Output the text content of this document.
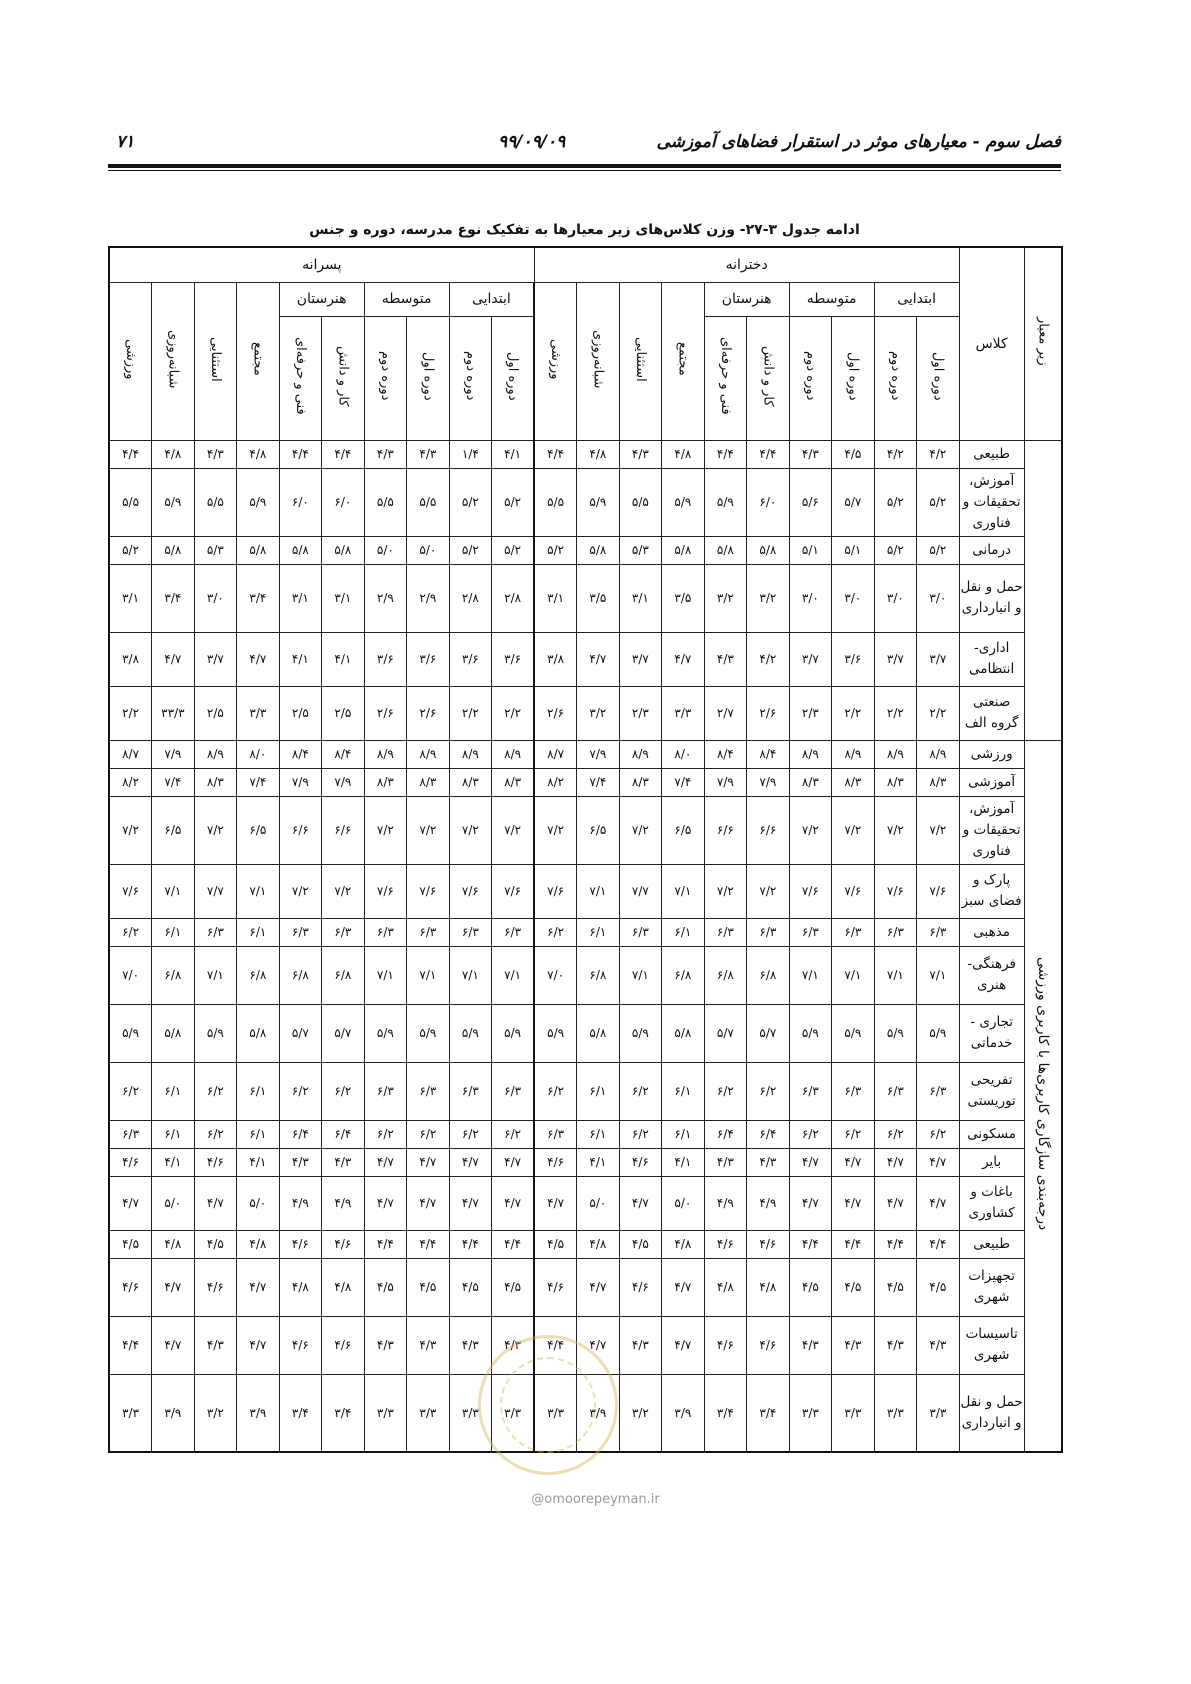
فصل سوم - معیارهای موثر در استقرار فضاهای آموزشی
۹۹/۰۹/۰۹
۷۱
ادامه جدول ۳-۲۷- وزن کلاس‌های زیر معیارها به تفکیک نوع مدرسه، دوره و جنس
زیر معیار	کلاس	دخترانه										پسرانه									
		ابتدایی		متوسطه		هنرستان		مجتمع	استثنایی	شبانه‌روزی	ورزشی	ابتدایی		متوسطه		هنرستان		مجتمع	استثنایی	شبانه‌روزی	ورزشی
		دوره اول	دوره دوم	دوره اول	دوره دوم	کار و دانش	فنی و حرفه‌ای					دوره اول	دوره دوم	دوره اول	دوره دوم	کار و دانش	فنی و حرفه‌ای				
	طبیعی	۴/۲	۴/۲	۴/۵	۴/۳	۴/۴	۴/۴	۴/۸	۴/۳	۴/۸	۴/۴	۴/۱	۱/۴	۴/۳	۴/۳	۴/۴	۴/۴	۴/۸	۴/۳	۴/۸	۴/۴
	آموزش، تحقیقات و فناوری	۵/۲	۵/۲	۵/۷	۵/۶	۶/۰	۵/۹	۵/۹	۵/۵	۵/۹	۵/۵	۵/۲	۵/۲	۵/۵	۵/۵	۶/۰	۶/۰	۵/۹	۵/۵	۵/۹	۵/۵
	درمانی	۵/۲	۵/۲	۵/۱	۵/۱	۵/۸	۵/۸	۵/۸	۵/۳	۵/۸	۵/۲	۵/۲	۵/۲	۵/۰	۵/۰	۵/۸	۵/۸	۵/۸	۵/۳	۵/۸	۵/۲
	حمل و نقل و انبارداری	۳/۰	۳/۰	۳/۰	۳/۰	۳/۲	۳/۲	۳/۵	۳/۱	۳/۵	۳/۱	۲/۸	۲/۸	۲/۹	۲/۹	۳/۱	۳/۱	۳/۴	۳/۰	۳/۴	۳/۱
	اداری- انتظامی	۳/۷	۳/۷	۳/۶	۳/۷	۴/۲	۴/۳	۴/۷	۳/۷	۴/۷	۳/۸	۳/۶	۳/۶	۳/۶	۳/۶	۴/۱	۴/۱	۴/۷	۳/۷	۴/۷	۳/۸
	صنعتی گروه الف	۲/۲	۲/۲	۲/۲	۲/۳	۲/۶	۲/۷	۳/۳	۲/۳	۳/۲	۲/۶	۲/۲	۲/۲	۲/۶	۲/۶	۲/۵	۲/۵	۳/۳	۲/۵	۳۳/۳	۲/۲
درجه‌بندی سازگاری کاربری‌ها با کاربری ورزشی	ورزشی	۸/۹	۸/۹	۸/۹	۸/۹	۸/۴	۸/۴	۸/۰	۸/۹	۷/۹	۸/۷	۸/۹	۸/۹	۸/۹	۸/۹	۸/۴	۸/۴	۸/۰	۸/۹	۷/۹	۸/۷
	آموزشی	۸/۳	۸/۳	۸/۳	۸/۳	۷/۹	۷/۹	۷/۴	۸/۳	۷/۴	۸/۲	۸/۳	۸/۳	۸/۳	۸/۳	۷/۹	۷/۹	۷/۴	۸/۳	۷/۴	۸/۲
	آموزش، تحقیقات و فناوری	۷/۲	۷/۲	۷/۲	۷/۲	۶/۶	۶/۶	۶/۵	۷/۲	۶/۵	۷/۲	۷/۲	۷/۲	۷/۲	۷/۲	۶/۶	۶/۶	۶/۵	۷/۲	۶/۵	۷/۲
	پارک و فضای سبز	۷/۶	۷/۶	۷/۶	۷/۶	۷/۲	۷/۲	۷/۱	۷/۷	۷/۱	۷/۶	۷/۶	۷/۶	۷/۶	۷/۶	۷/۲	۷/۲	۷/۱	۷/۷	۷/۱	۷/۶
	مذهبی	۶/۳	۶/۳	۶/۳	۶/۳	۶/۳	۶/۳	۶/۱	۶/۳	۶/۱	۶/۲	۶/۳	۶/۳	۶/۳	۶/۳	۶/۳	۶/۳	۶/۱	۶/۳	۶/۱	۶/۲
	فرهنگی- هنری	۷/۱	۷/۱	۷/۱	۷/۱	۶/۸	۶/۸	۶/۸	۷/۱	۶/۸	۷/۰	۷/۱	۷/۱	۷/۱	۷/۱	۶/۸	۶/۸	۶/۸	۷/۱	۶/۸	۷/۰
	تجاری - خدماتی	۵/۹	۵/۹	۵/۹	۵/۹	۵/۷	۵/۷	۵/۸	۵/۹	۵/۸	۵/۹	۵/۹	۵/۹	۵/۹	۵/۹	۵/۷	۵/۷	۵/۸	۵/۹	۵/۸	۵/۹
	تفریحی توریستی	۶/۳	۶/۳	۶/۳	۶/۳	۶/۲	۶/۲	۶/۱	۶/۲	۶/۱	۶/۲	۶/۳	۶/۳	۶/۳	۶/۳	۶/۲	۶/۲	۶/۱	۶/۲	۶/۱	۶/۲
	مسکونی	۶/۲	۶/۲	۶/۲	۶/۲	۶/۴	۶/۴	۶/۱	۶/۲	۶/۱	۶/۳	۶/۲	۶/۲	۶/۲	۶/۲	۶/۴	۶/۴	۶/۱	۶/۲	۶/۱	۶/۳
	بایر	۴/۷	۴/۷	۴/۷	۴/۷	۴/۳	۴/۳	۴/۱	۴/۶	۴/۱	۴/۶	۴/۷	۴/۷	۴/۷	۴/۷	۴/۳	۴/۳	۴/۱	۴/۶	۴/۱	۴/۶
	باغات و کشاوری	۴/۷	۴/۷	۴/۷	۴/۷	۴/۹	۴/۹	۵/۰	۴/۷	۵/۰	۴/۷	۴/۷	۴/۷	۴/۷	۴/۷	۴/۹	۴/۹	۵/۰	۴/۷	۵/۰	۴/۷
	طبیعی	۴/۴	۴/۴	۴/۴	۴/۴	۴/۶	۴/۶	۴/۸	۴/۵	۴/۸	۴/۵	۴/۴	۴/۴	۴/۴	۴/۴	۴/۶	۴/۶	۴/۸	۴/۵	۴/۸	۴/۵
	تجهیزات شهری	۴/۵	۴/۵	۴/۵	۴/۵	۴/۸	۴/۸	۴/۷	۴/۶	۴/۷	۴/۶	۴/۵	۴/۵	۴/۵	۴/۵	۴/۸	۴/۸	۴/۷	۴/۶	۴/۷	۴/۶
	تاسیسات شهری	۴/۳	۴/۳	۴/۳	۴/۳	۴/۶	۴/۶	۴/۷	۴/۳	۴/۷	۴/۴	۴/۳	۴/۳	۴/۳	۴/۳	۴/۶	۴/۶	۴/۷	۴/۳	۴/۷	۴/۴
	حمل و نقل و انبارداری	۳/۳	۳/۳	۳/۳	۳/۳	۳/۴	۳/۴	۳/۹	۳/۲	۳/۹	۳/۳	۳/۳	۳/۳	۳/۳	۳/۳	۳/۴	۳/۴	۳/۹	۳/۲	۳/۹	۳/۳
@omoorepeyman.ir
